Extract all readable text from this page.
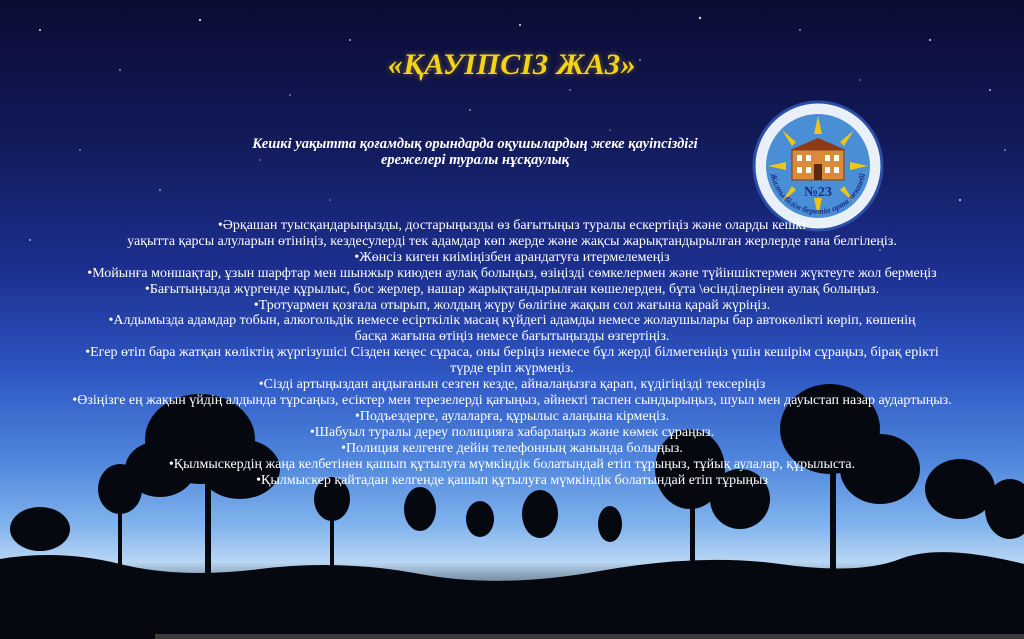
«ҚАУІПСІЗ ЖАЗ»
Кешкі уақытта қоғамдық орындарда оқушылардың жеке қауіпсіздігі
ережелері туралы нұсқаулық
№23
Жалпы білім беретін орта мектебі
•Әрқашан туысқандарыңызды, достарыңызды өз бағытыңыз туралы ескертіңіз және оларды кешкі
уақытта қарсы алуларын өтініңіз, кездесулерді тек адамдар көп жерде және жақсы жарықтандырылған жерлерде ғана белгілеңіз.
•Жөнсіз киген киіміңізбен арандатуға итермелемеңіз
•Мойынға моншақтар, ұзын шарфтар мен шынжыр киюден аулақ болыңыз, өзіңізді сөмкелермен және түйіншіктермен жүктеуге жол бермеңіз
•Бағытыңызда жүргенде құрылыс, бос жерлер, нашар жарықтандырылған көшелерден, бұта \өсінділерінен аулақ болыңыз.
•Тротуармен қозғала отырып, жолдың жүру бөлігіне жақын сол жағына қарай жүріңіз.
•Алдымызда адамдар тобын, алкогольдік немесе есірткілік масаң күйдегі адамды немесе жолаушылары бар автокөлікті көріп, көшенің
басқа жағына өтіңіз немесе бағытыңызды өзгертіңіз.
•Егер өтіп бара жатқан көліктің жүргізушісі Сізден кеңес сұраса, оны беріңіз немесе бұл жерді білмегеніңіз үшін кешірім сұраңыз, бірақ ерікті
түрде еріп жүрмеңіз.
•Сізді артыңыздан аңдығанын сезген кезде, айналаңызға қарап, күдігіңізді тексеріңіз
•Өзіңізге ең жақын үйдің алдында тұрсаңыз, есіктер мен терезелерді қағыңыз, әйнекті таспен сындырыңыз, шуыл мен дауыстап назар аудартыңыз.
•Подъездерге, аулаларға, құрылыс алаңына кірмеңіз.
•Шабуыл туралы дереу полицияға хабарлаңыз және көмек сұраңыз.
•Полиция келгенге дейін телефонның жанында болыңыз.
•Қылмыскердің жаңа келбетінен қашып құтылуға мүмкіндік болатындай етіп тұрыңыз, тұйық аулалар, құрылыста.
•Қылмыскер қайтадан келгенде қашып құтылуға мүмкіндік болатындай етіп тұрыңыз
